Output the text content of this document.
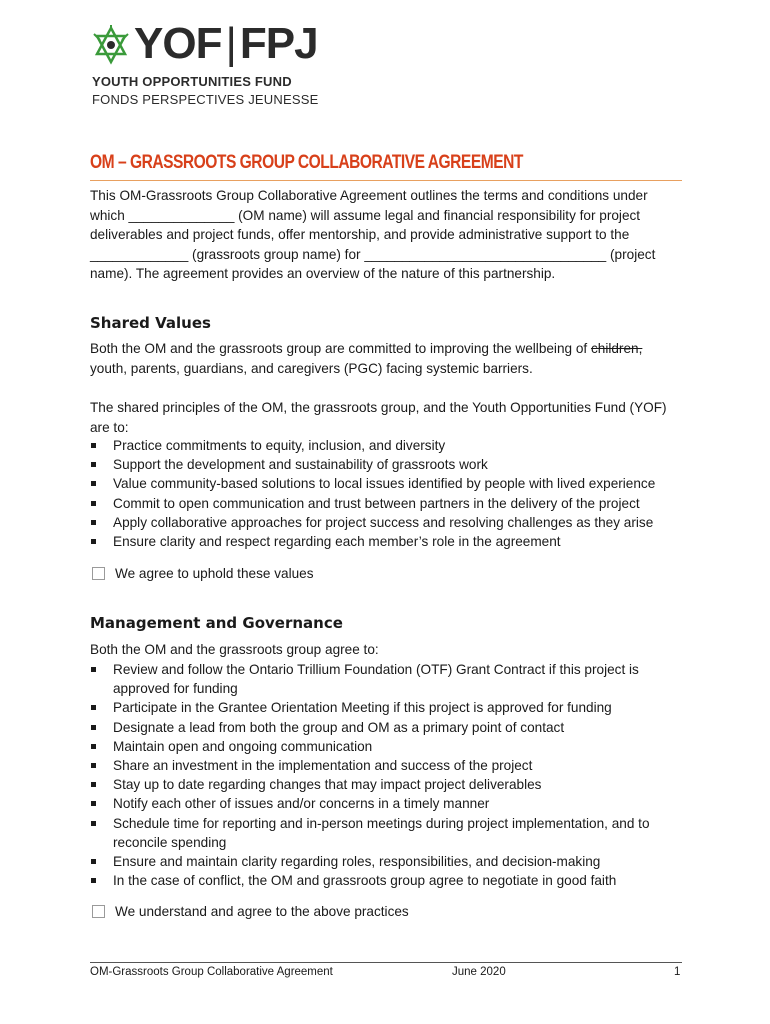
YOF|FPJ
YOUTH OPPORTUNITIES FUND
FONDS PERSPECTIVES JEUNESSE
OM – GRASSROOTS GROUP COLLABORATIVE AGREEMENT
This OM-Grassroots Group Collaborative Agreement outlines the terms and conditions under which ______________ (OM name) will assume legal and financial responsibility for project deliverables and project funds, offer mentorship, and provide administrative support to the _____________ (grassroots group name) for ________________________________ (project name). The agreement provides an overview of the nature of this partnership.
Shared Values
Both the OM and the grassroots group are committed to improving the wellbeing of children, youth, parents, guardians, and caregivers (PGC) facing systemic barriers.
The shared principles of the OM, the grassroots group, and the Youth Opportunities Fund (YOF) are to:
Practice commitments to equity, inclusion, and diversity
Support the development and sustainability of grassroots work
Value community-based solutions to local issues identified by people with lived experience
Commit to open communication and trust between partners in the delivery of the project
Apply collaborative approaches for project success and resolving challenges as they arise
Ensure clarity and respect regarding each member’s role in the agreement
We agree to uphold these values
Management and Governance
Both the OM and the grassroots group agree to:
Review and follow the Ontario Trillium Foundation (OTF) Grant Contract if this project is approved for funding
Participate in the Grantee Orientation Meeting if this project is approved for funding
Designate a lead from both the group and OM as a primary point of contact
Maintain open and ongoing communication
Share an investment in the implementation and success of the project
Stay up to date regarding changes that may impact project deliverables
Notify each other of issues and/or concerns in a timely manner
Schedule time for reporting and in-person meetings during project implementation, and to reconcile spending
Ensure and maintain clarity regarding roles, responsibilities, and decision-making
In the case of conflict, the OM and grassroots group agree to negotiate in good faith
We understand and agree to the above practices
OM-Grassroots Group Collaborative Agreement	June 2020	1
